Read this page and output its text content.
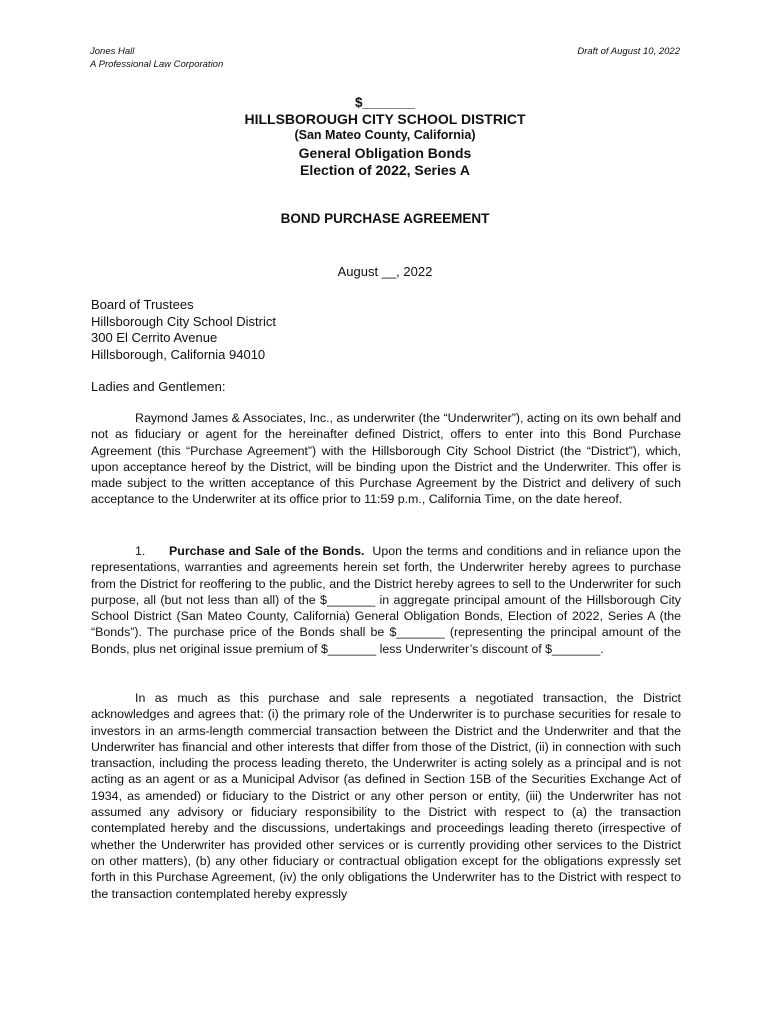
Jones Hall
A Professional Law Corporation
Draft of August 10, 2022
$_______
HILLSBOROUGH CITY SCHOOL DISTRICT
(San Mateo County, California)
General Obligation Bonds
Election of 2022, Series A
BOND PURCHASE AGREEMENT
August __, 2022
Board of Trustees
Hillsborough City School District
300 El Cerrito Avenue
Hillsborough, California 94010
Ladies and Gentlemen:

Raymond James & Associates, Inc., as underwriter (the “Underwriter”), acting on its own behalf and not as fiduciary or agent for the hereinafter defined District, offers to enter into this Bond Purchase Agreement (this “Purchase Agreement”) with the Hillsborough City School District (the “District”), which, upon acceptance hereof by the District, will be binding upon the District and the Underwriter. This offer is made subject to the written acceptance of this Purchase Agreement by the District and delivery of such acceptance to the Underwriter at its office prior to 11:59 p.m., California Time, on the date hereof.

1. Purchase and Sale of the Bonds. Upon the terms and conditions and in reliance upon the representations, warranties and agreements herein set forth, the Underwriter hereby agrees to purchase from the District for reoffering to the public, and the District hereby agrees to sell to the Underwriter for such purpose, all (but not less than all) of the $_______ in aggregate principal amount of the Hillsborough City School District (San Mateo County, California) General Obligation Bonds, Election of 2022, Series A (the “Bonds”). The purchase price of the Bonds shall be $_______ (representing the principal amount of the Bonds, plus net original issue premium of $_______ less Underwriter’s discount of $_______.

In as much as this purchase and sale represents a negotiated transaction, the District acknowledges and agrees that: (i) the primary role of the Underwriter is to purchase securities for resale to investors in an arms-length commercial transaction between the District and the Underwriter and that the Underwriter has financial and other interests that differ from those of the District, (ii) in connection with such transaction, including the process leading thereto, the Underwriter is acting solely as a principal and is not acting as an agent or as a Municipal Advisor (as defined in Section 15B of the Securities Exchange Act of 1934, as amended) or fiduciary to the District or any other person or entity, (iii) the Underwriter has not assumed any advisory or fiduciary responsibility to the District with respect to (a) the transaction contemplated hereby and the discussions, undertakings and proceedings leading thereto (irrespective of whether the Underwriter has provided other services or is currently providing other services to the District on other matters), (b) any other fiduciary or contractual obligation except for the obligations expressly set forth in this Purchase Agreement, (iv) the only obligations the Underwriter has to the District with respect to the transaction contemplated hereby expressly
